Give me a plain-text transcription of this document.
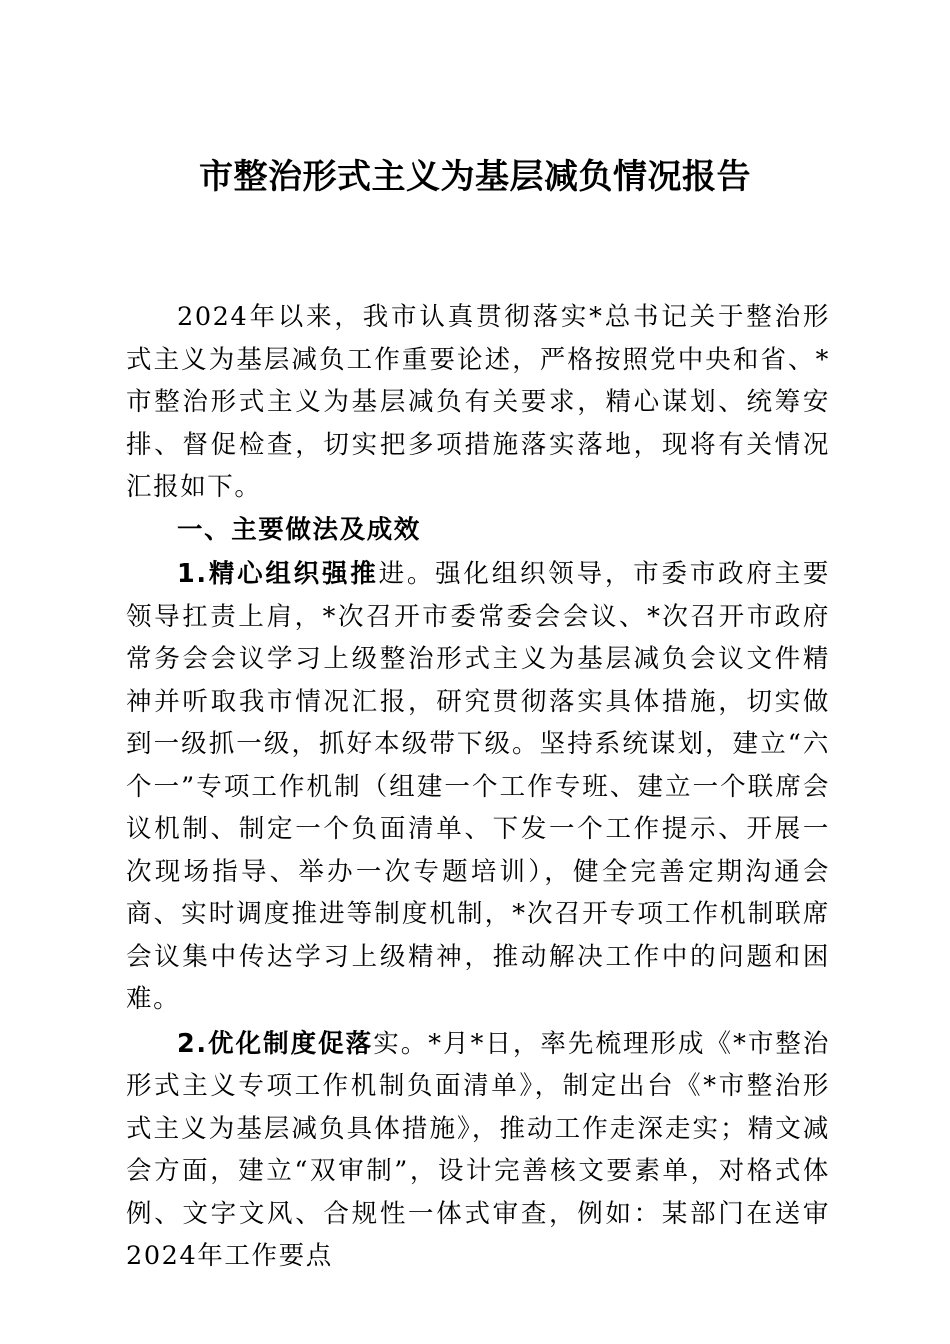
市整治形式主义为基层减负情况报告

2024年以来，我市认真贯彻落实*总书记关于整治形式主义为基层减负工作重要论述，严格按照党中央和省、*市整治形式主义为基层减负有关要求，精心谋划、统筹安排、督促检查，切实把多项措施落实落地，现将有关情况汇报如下。

一、主要做法及成效

1.精心组织强推进。强化组织领导，市委市政府主要领导扛责上肩，*次召开市委常委会会议、*次召开市政府常务会会议学习上级整治形式主义为基层减负会议文件精神并听取我市情况汇报，研究贯彻落实具体措施，切实做到一级抓一级，抓好本级带下级。坚持系统谋划，建立“六个一”专项工作机制（组建一个工作专班、建立一个联席会议机制、制定一个负面清单、下发一个工作提示、开展一次现场指导、举办一次专题培训），健全完善定期沟通会商、实时调度推进等制度机制，*次召开专项工作机制联席会议集中传达学习上级精神，推动解决工作中的问题和困难。

2.优化制度促落实。*月*日，率先梳理形成《*市整治形式主义专项工作机制负面清单》，制定出台《*市整治形式主义为基层减负具体措施》，推动工作走深走实；精文减会方面，建立“双审制”，设计完善核文要素单，对格式体例、文字文风、合规性一体式审查，例如：某部门在送审2024年工作要点
